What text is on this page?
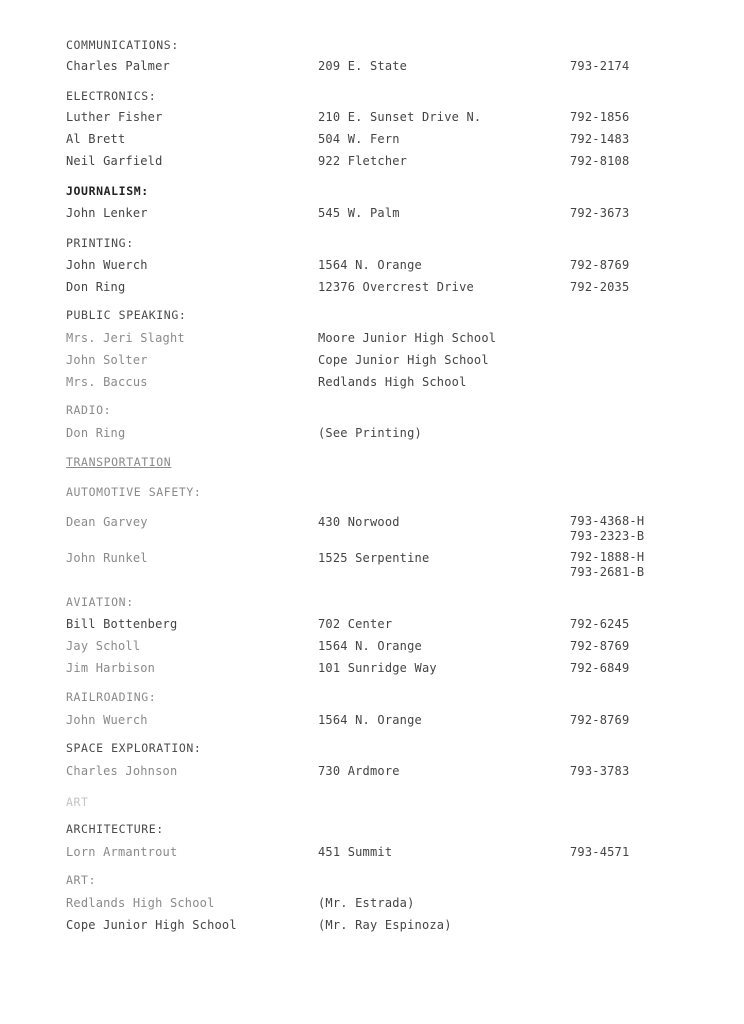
COMMUNICATIONS:
Charles Palmer	209 E. State	793-2174
ELECTRONICS:
Luther Fisher	210 E. Sunset Drive N.	792-1856
Al Brett	504 W. Fern	792-1483
Neil Garfield	922 Fletcher	792-8108
JOURNALISM:
John Lenker	545 W. Palm	792-3673
PRINTING:
John Wuerch	1564 N. Orange	792-8769
Don Ring	12376 Overcrest Drive	792-2035
PUBLIC SPEAKING:
Mrs. Jeri Slaght	Moore Junior High School
John Solter	Cope Junior High School
Mrs. Baccus	Redlands High School
RADIO:
Don Ring	(See Printing)
TRANSPORTATION
AUTOMOTIVE SAFETY:
Dean Garvey	430 Norwood	793-4368-H
793-2323-B
John Runkel	1525 Serpentine	792-1888-H
793-2681-B
AVIATION:
Bill Bottenberg	702 Center	792-6245
Jay Scholl	1564 N. Orange	792-8769
Jim Harbison	101 Sunridge Way	792-6849
RAILROADING:
John Wuerch	1564 N. Orange	792-8769
SPACE EXPLORATION:
Charles Johnson	730 Ardmore	793-3783
ART
ARCHITECTURE:
Lorn Armantrout	451 Summit	793-4571
ART:
Redlands High School	(Mr. Estrada)
Cope Junior High School	(Mr. Ray Espinoza)
